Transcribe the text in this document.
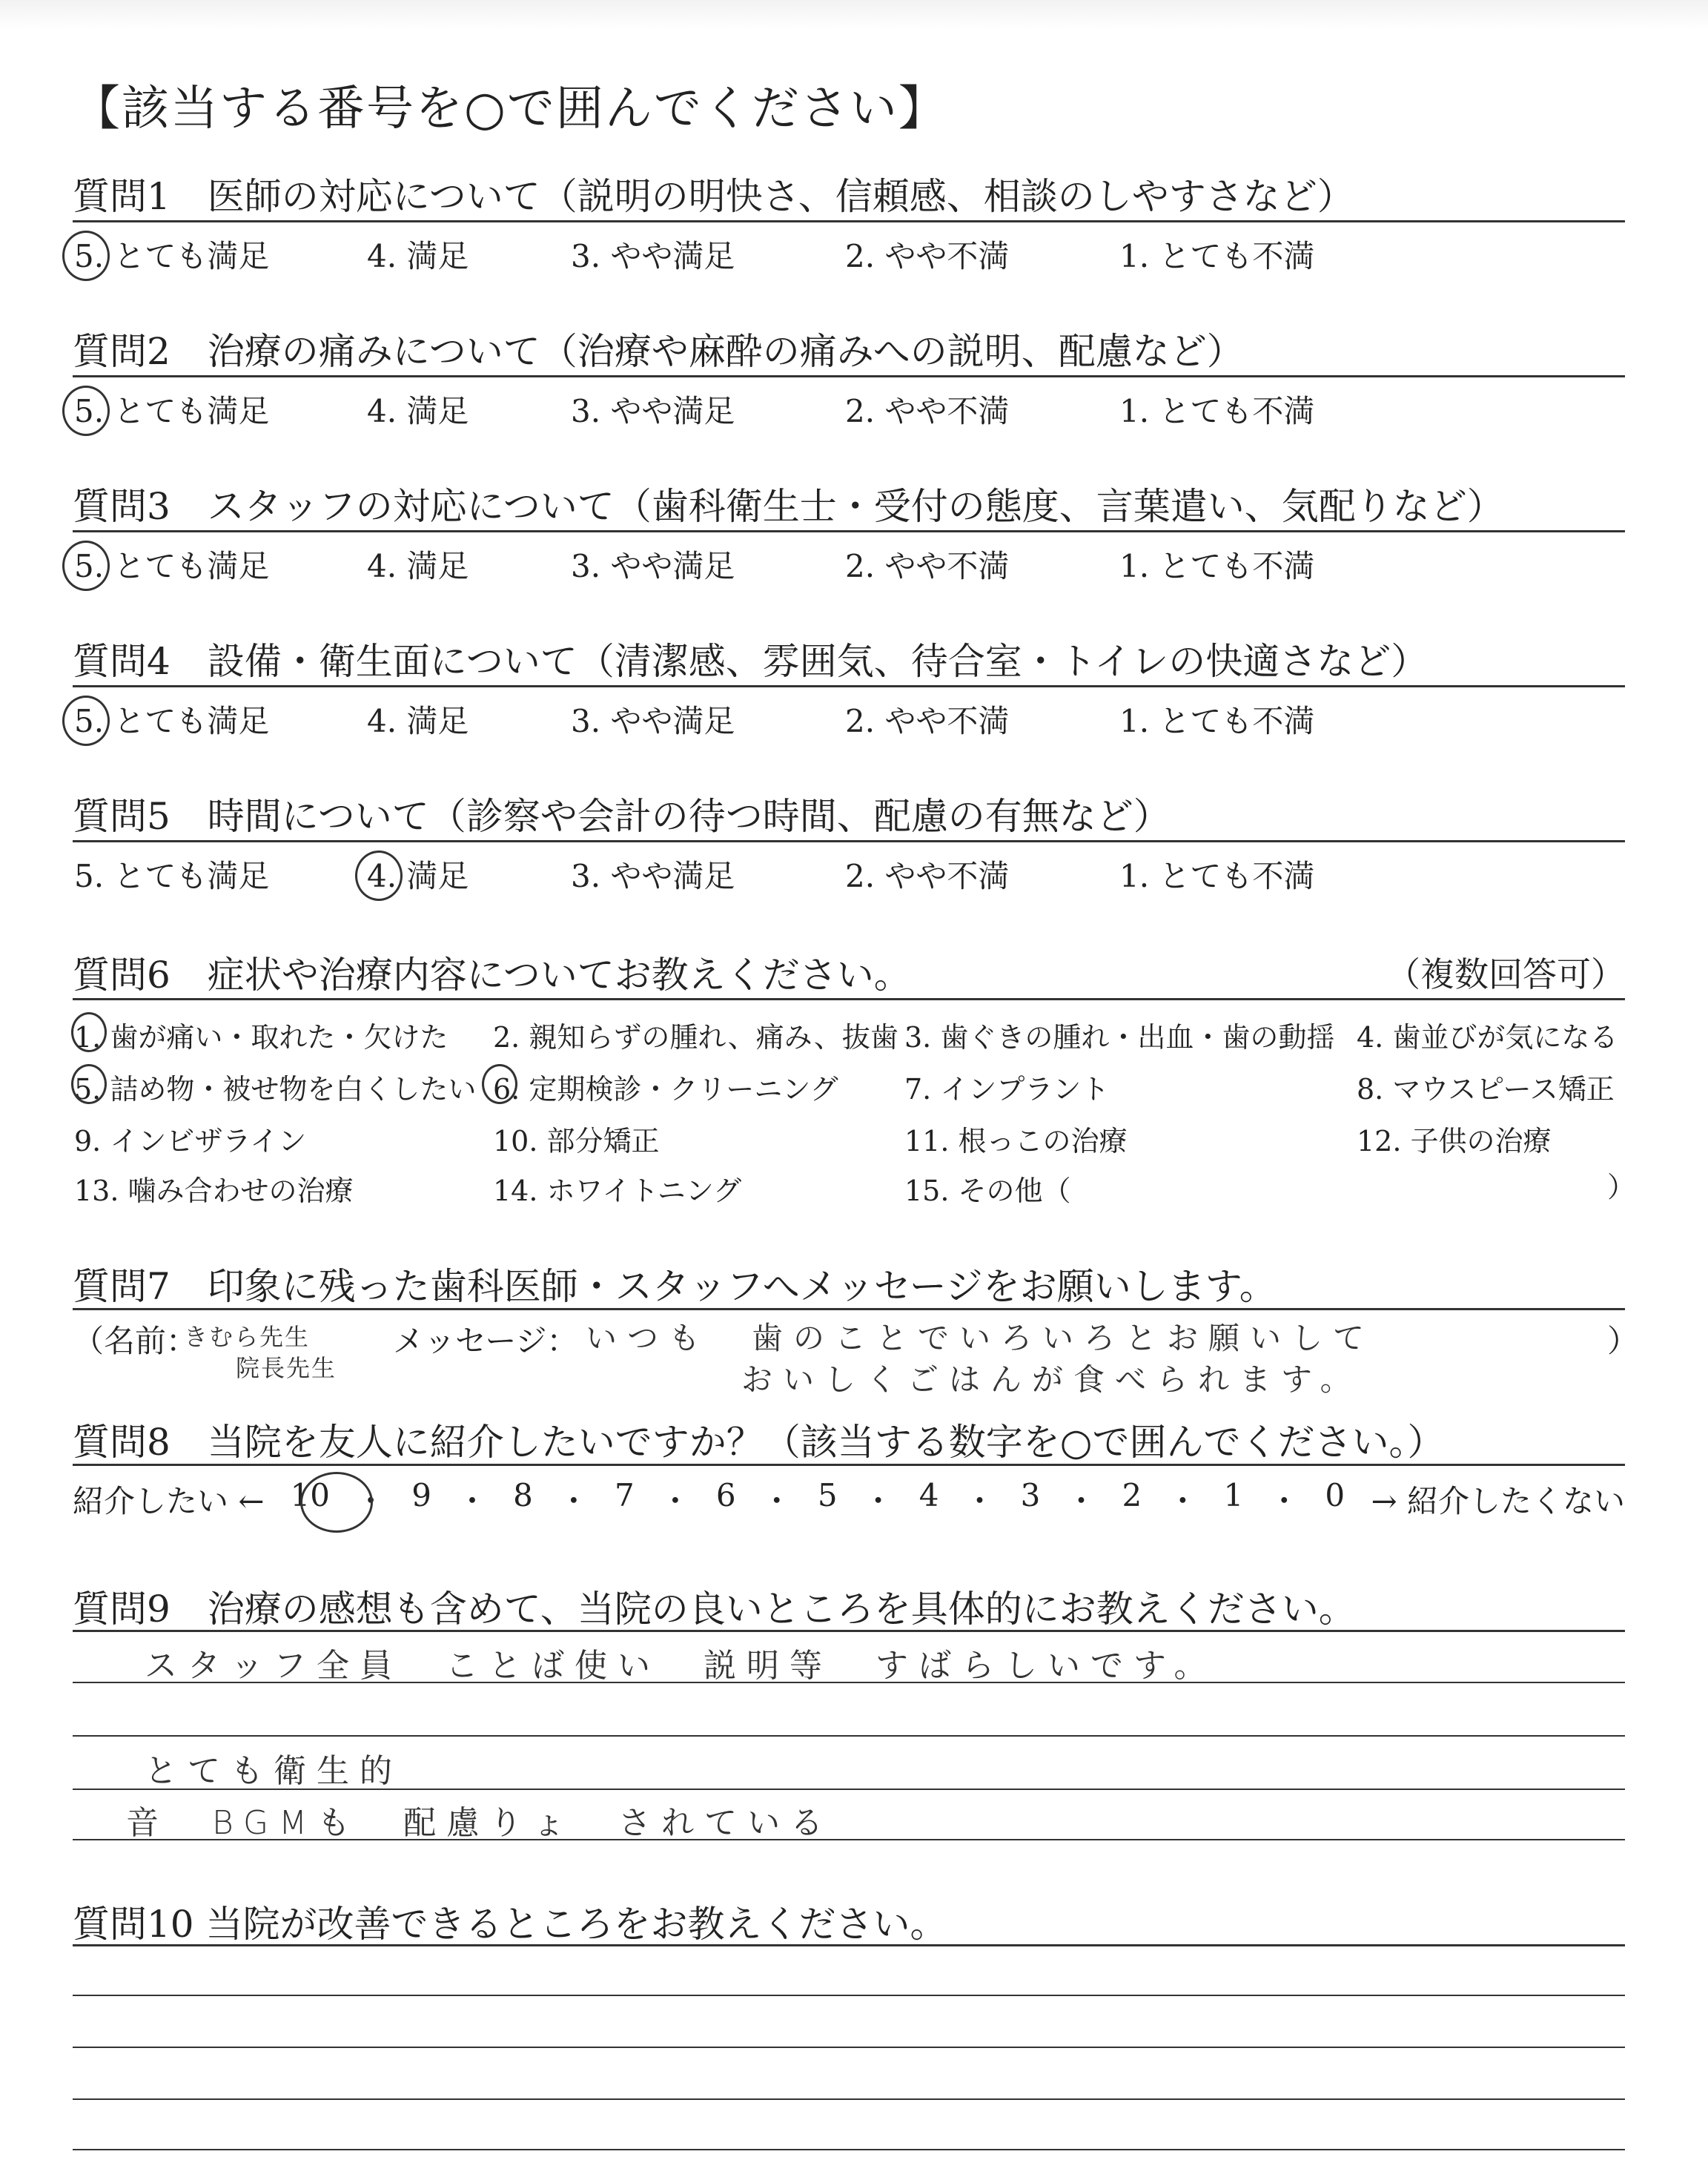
【該当する番号を○で囲んでください】
質問1　医師の対応について（説明の明快さ、信頼感、相談のしやすさなど）
5. とても満足	4. 満足	3. やや満足	2. やや不満	1. とても不満
質問2　治療の痛みについて（治療や麻酔の痛みへの説明、配慮など）
5. とても満足	4. 満足	3. やや満足	2. やや不満	1. とても不満
質問3　スタッフの対応について（歯科衛生士・受付の態度、言葉遣い、気配りなど）
5. とても満足	4. 満足	3. やや満足	2. やや不満	1. とても不満
質問4　設備・衛生面について（清潔感、雰囲気、待合室・トイレの快適さなど）
5. とても満足	4. 満足	3. やや満足	2. やや不満	1. とても不満
質問5　時間について（診察や会計の待つ時間、配慮の有無など）
5. とても満足	4. 満足	3. やや満足	2. やや不満	1. とても不満
質問6　症状や治療内容についてお教えください。	（複数回答可）
1. 歯が痛い・取れた・欠けた 2. 親知らずの腫れ、痛み、抜歯 3. 歯ぐきの腫れ・出血・歯の動揺 4. 歯並びが気になる
5. 詰め物・被せ物を白くしたい 6. 定期検診・クリーニング 7. インプラント	8. マウスピース矯正
9. インビザライン	10. 部分矯正	11. 根っこの治療	12. 子供の治療
13. 噛み合わせの治療	14. ホワイトニング	15. その他（	）
質問7　印象に残った歯科医師・スタッフへメッセージをお願いします。
（名前：
きむら先生
院長先生
メッセージ： いつも　歯のことでいろいろとお願いして
おいしくごはんが食べられます。
）
質問8　当院を友人に紹介したいですか？（該当する数字を○で囲んでください。）
紹介したい ← 10 ・ 9 ・ 8 ・ 7 ・ 6 ・ 5 ・ 4 ・ 3 ・ 2 ・ 1 ・ 0 → 紹介したくない
質問9　治療の感想も含めて、当院の良いところを具体的にお教えください。
スタッフ全員　ことば使い　説明等　すばらしいです。
とても衛生的
音　BGMも　配慮りょ　されている
質問10 当院が改善できるところをお教えください。
